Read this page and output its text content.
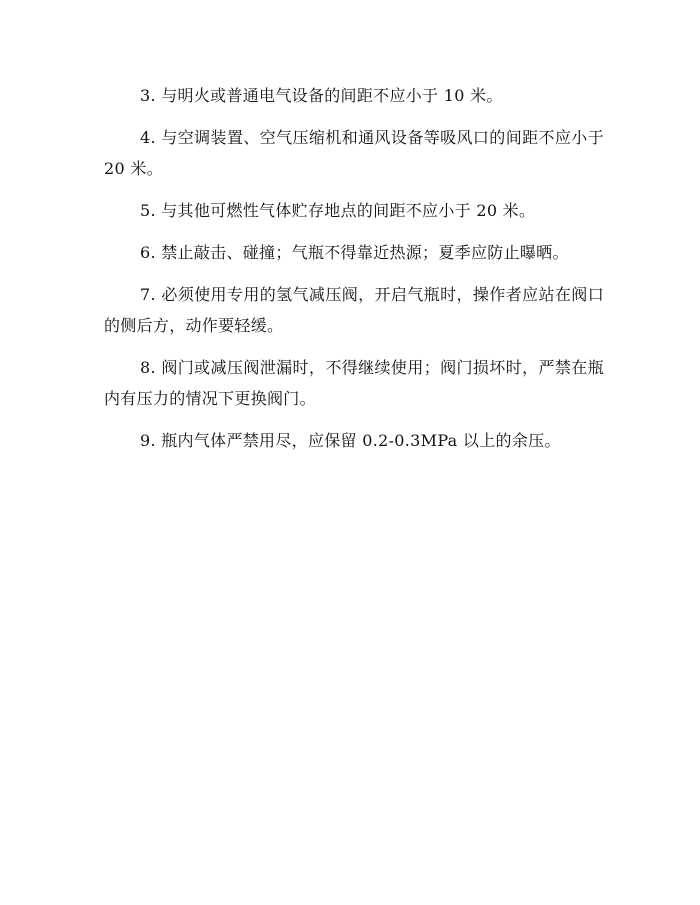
3. 与明火或普通电气设备的间距不应小于 10 米。

4. 与空调装置、空气压缩机和通风设备等吸风口的间距不应小于 20 米。

5. 与其他可燃性气体贮存地点的间距不应小于 20 米。

6. 禁止敲击、碰撞；气瓶不得靠近热源；夏季应防止曝晒。

7. 必须使用专用的氢气减压阀，开启气瓶时，操作者应站在阀口的侧后方，动作要轻缓。

8. 阀门或减压阀泄漏时，不得继续使用；阀门损坏时，严禁在瓶内有压力的情况下更换阀门。

9. 瓶内气体严禁用尽，应保留 0.2-0.3MPa 以上的余压。
